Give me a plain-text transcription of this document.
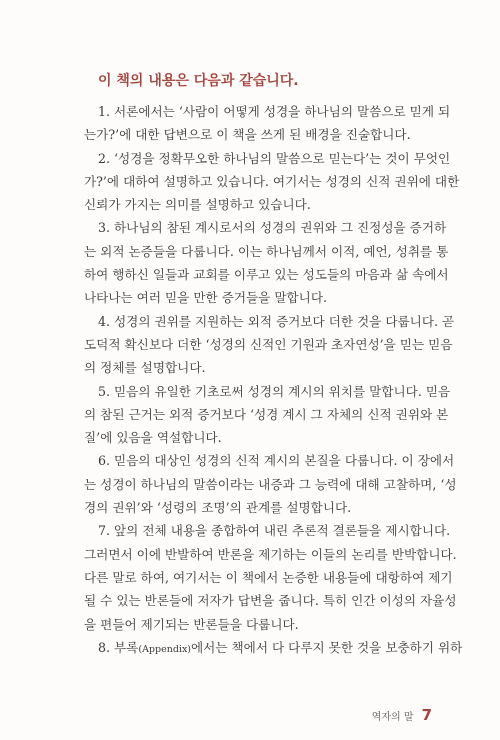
이 책의 내용은 다음과 같습니다.
1. 서론에서는 ‘사람이 어떻게 성경을 하나님의 말씀으로 믿게 되
는가?’에 대한 답변으로 이 책을 쓰게 된 배경을 진술합니다.
2. ‘성경을 정확무오한 하나님의 말씀으로 믿는다’는 것이 무엇인
가?’에 대하여 설명하고 있습니다. 여기서는 성경의 신적 권위에 대한
신뢰가 가지는 의미를 설명하고 있습니다.
3. 하나님의 참된 계시로서의 성경의 권위와 그 진정성을 증거하
는 외적 논증들을 다룹니다. 이는 하나님께서 이적, 예언, 성취를 통
하여 행하신 일들과 교회를 이루고 있는 성도들의 마음과 삶 속에서
나타나는 여러 믿을 만한 증거들을 말합니다.
4. 성경의 권위를 지원하는 외적 증거보다 더한 것을 다룹니다. 곧
도덕적 확신보다 더한 ‘성경의 신적인 기원과 초자연성’을 믿는 믿음
의 정체를 설명합니다.
5. 믿음의 유일한 기초로써 성경의 계시의 위치를 말합니다. 믿음
의 참된 근거는 외적 증거보다 ‘성경 계시 그 자체의 신적 권위와 본
질’에 있음을 역설합니다.
6. 믿음의 대상인 성경의 신적 계시의 본질을 다룹니다. 이 장에서
는 성경이 하나님의 말씀이라는 내증과 그 능력에 대해 고찰하며, ‘성
경의 권위’와 ‘성령의 조명’의 관계를 설명합니다.
7. 앞의 전체 내용을 종합하여 내린 추론적 결론들을 제시합니다.
그러면서 이에 반발하여 반론을 제기하는 이들의 논리를 반박합니다.
다른 말로 하여, 여기서는 이 책에서 논증한 내용들에 대항하여 제기
될 수 있는 반론들에 저자가 답변을 줍니다. 특히 인간 이성의 자율성
을 편들어 제기되는 반론들을 다룹니다.
8. 부록(Appendix)에서는 책에서 다 다루지 못한 것을 보충하기 위하
역자의 말 7
